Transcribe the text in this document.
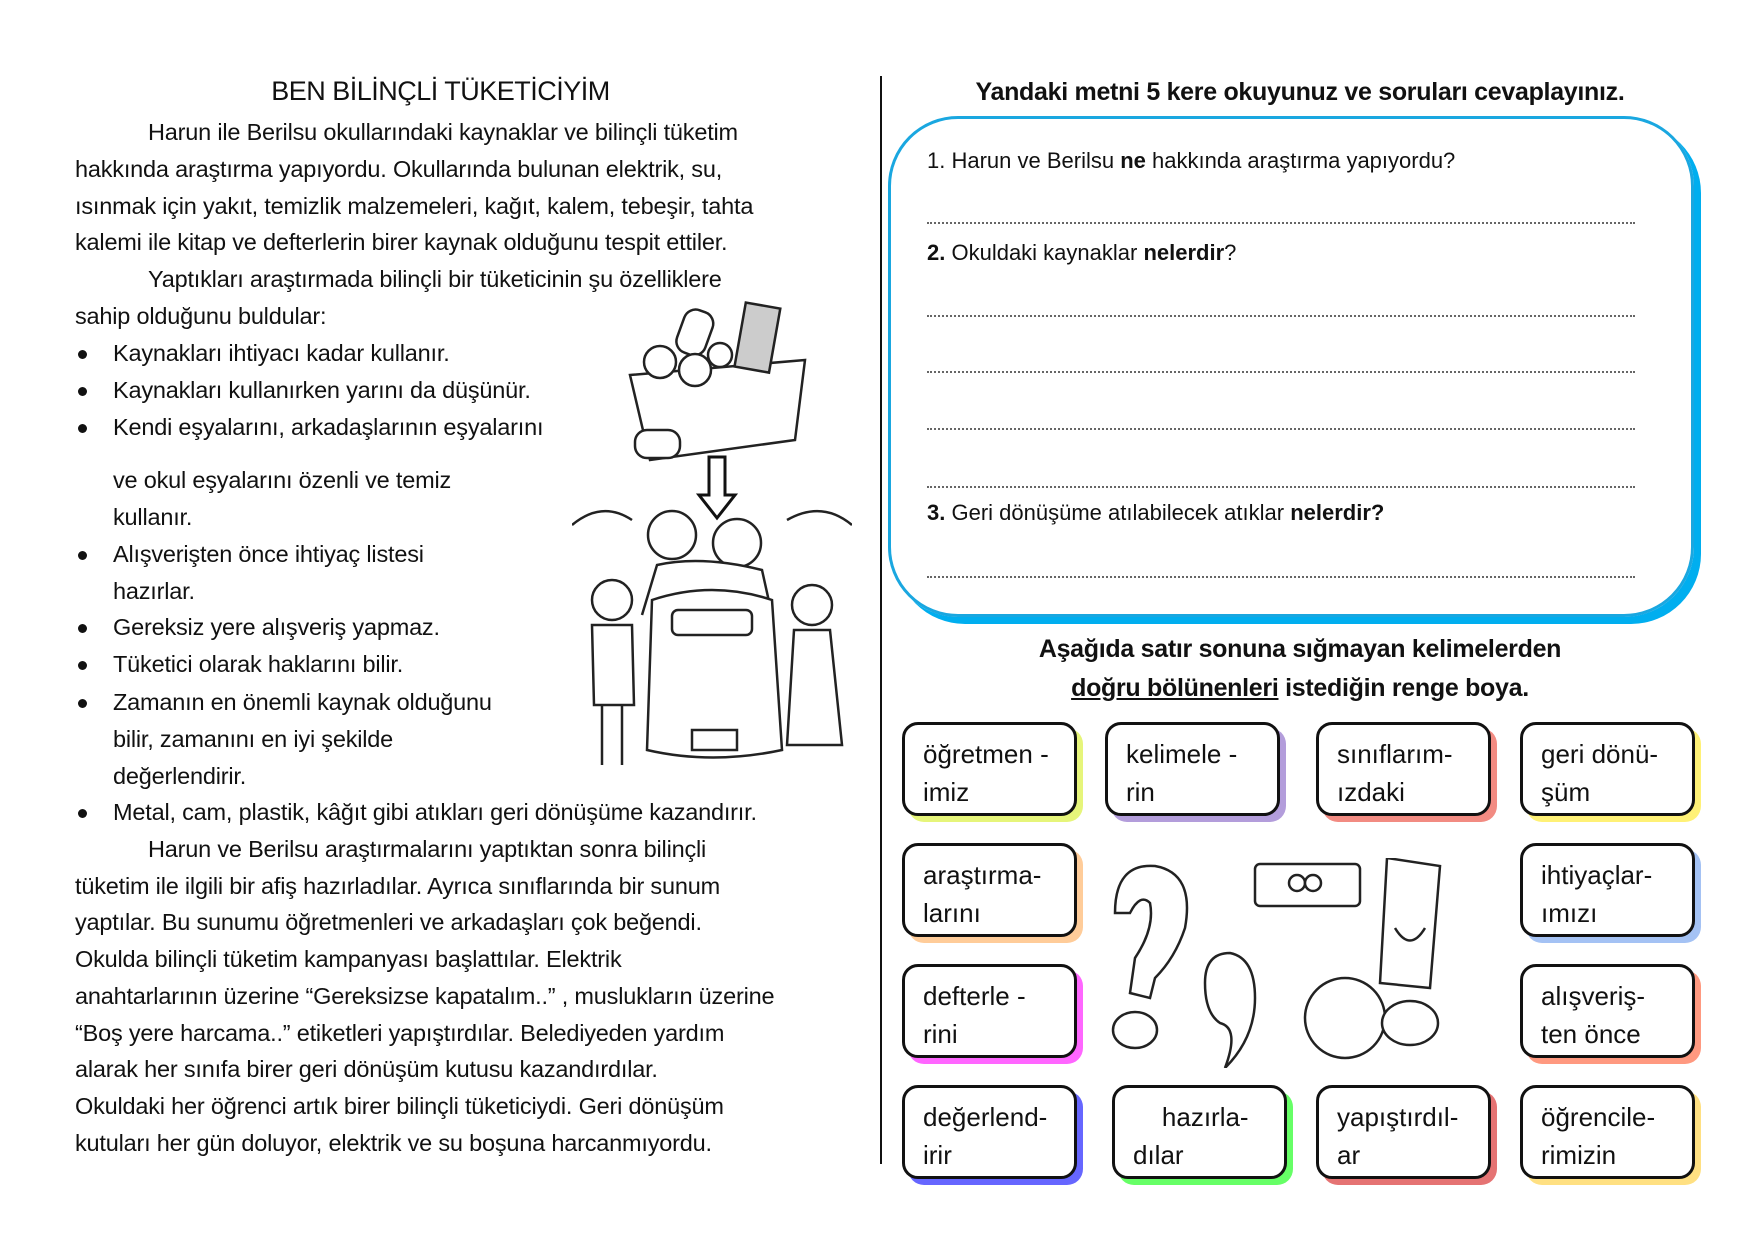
BEN BİLİNÇLİ TÜKETİCİYİM
Harun ile Berilsu okullarındaki kaynaklar ve bilinçli tüketim
hakkında araştırma yapıyordu. Okullarında bulunan elektrik, su,
ısınmak için yakıt, temizlik malzemeleri, kağıt, kalem, tebeşir, tahta
kalemi ile kitap ve defterlerin birer kaynak olduğunu tespit ettiler.
Yaptıkları araştırmada bilinçli bir tüketicinin şu özelliklere
sahip olduğunu buldular:
Kaynakları ihtiyacı kadar kullanır.
Kaynakları kullanırken yarını da düşünür.
Kendi eşyalarını, arkadaşlarının eşyalarını
ve okul eşyalarını özenli ve temiz
kullanır.
Alışverişten önce ihtiyaç listesi
hazırlar.
Gereksiz yere alışveriş yapmaz.
Tüketici olarak haklarını bilir.
Zamanın en önemli kaynak olduğunu
bilir, zamanını en iyi şekilde
değerlendirir.
Metal, cam, plastik, kâğıt gibi atıkları geri dönüşüme kazandırır.
Harun ve Berilsu araştırmalarını yaptıktan sonra bilinçli
tüketim ile ilgili bir afiş hazırladılar. Ayrıca sınıflarında bir sunum
yaptılar. Bu sunumu öğretmenleri ve arkadaşları çok beğendi.
Okulda bilinçli tüketim kampanyası başlattılar. Elektrik
anahtarlarının üzerine “Gereksizse kapatalım..” , muslukların üzerine
“Boş yere harcama..” etiketleri yapıştırdılar. Belediyeden yardım
alarak her sınıfa birer geri dönüşüm kutusu kazandırdılar.
Okuldaki her öğrenci artık birer bilinçli tüketiciydi. Geri dönüşüm
kutuları her gün doluyor, elektrik ve su boşuna harcanmıyordu.
Yandaki metni 5 kere okuyunuz ve soruları cevaplayınız.
1. Harun ve Berilsu ne hakkında araştırma yapıyordu?
2. Okuldaki kaynaklar nelerdir?
3. Geri dönüşüme atılabilecek atıklar nelerdir?
Aşağıda satır sonuna sığmayan kelimelerden
doğru bölünenleri istediğin renge boya.
öğretmen -
imiz
kelimele -
rin
sınıflarım-
ızdaki
geri dönü-
şüm
araştırma-
larını
ihtiyaçlar-
ımızı
defterle -
rini
alışveriş-
ten önce
değerlend-
irir
hazırla-
dılar
yapıştırdıl-
ar
öğrencile-
rimizin
